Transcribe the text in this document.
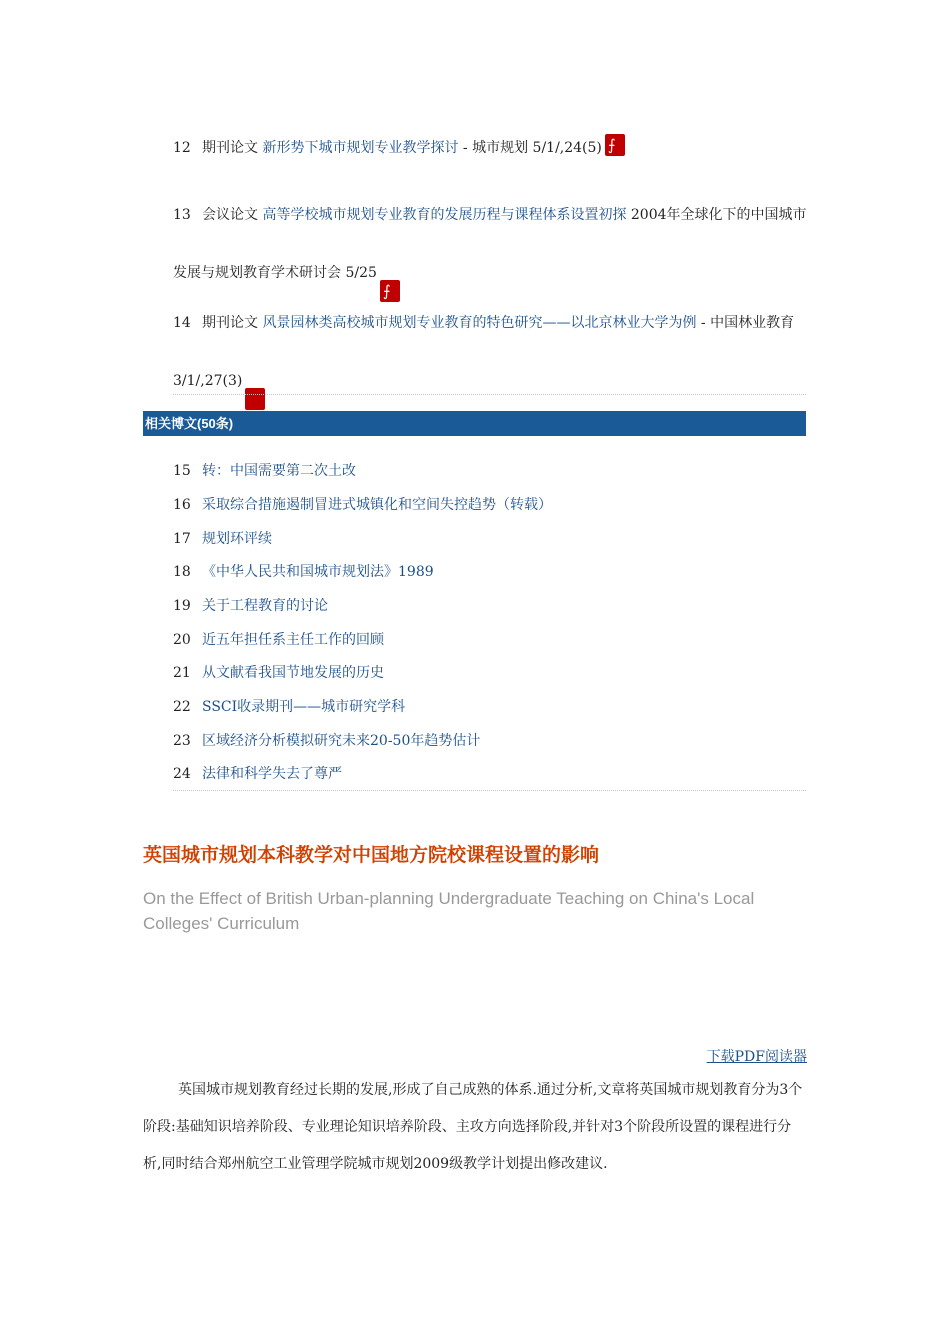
12 期刊论文 新形势下城市规划专业教学探讨 - 城市规划 5/1/,24(5)⨍
13 会议论文 高等学校城市规划专业教育的发展历程与课程体系设置初探 2004年全球化下的中国城市发展与规划教育学术研讨会 5/25⨍
14 期刊论文 风景园林类高校城市规划专业教育的特色研究——以北京林业大学为例 - 中国林业教育 3/1/,27(3)⨍
相关博文(50条)
15 转：中国需要第二次土改
16 采取综合措施遏制冒进式城镇化和空间失控趋势（转载）
17 规划环评续
18 《中华人民共和国城市规划法》1989
19 关于工程教育的讨论
20 近五年担任系主任工作的回顾
21 从文献看我国节地发展的历史
22 SSCI收录期刊——城市研究学科
23 区域经济分析模拟研究未来20-50年趋势估计
24 法律和科学失去了尊严
英国城市规划本科教学对中国地方院校课程设置的影响
On the Effect of British Urban-planning Undergraduate Teaching on China's Local Colleges' Curriculum
下载PDF阅读器
英国城市规划教育经过长期的发展,形成了自己成熟的体系.通过分析,文章将英国城市规划教育分为3个阶段:基础知识培养阶段、专业理论知识培养阶段、主攻方向选择阶段,并针对3个阶段所设置的课程进行分析,同时结合郑州航空工业管理学院城市规划2009级教学计划提出修改建议.
